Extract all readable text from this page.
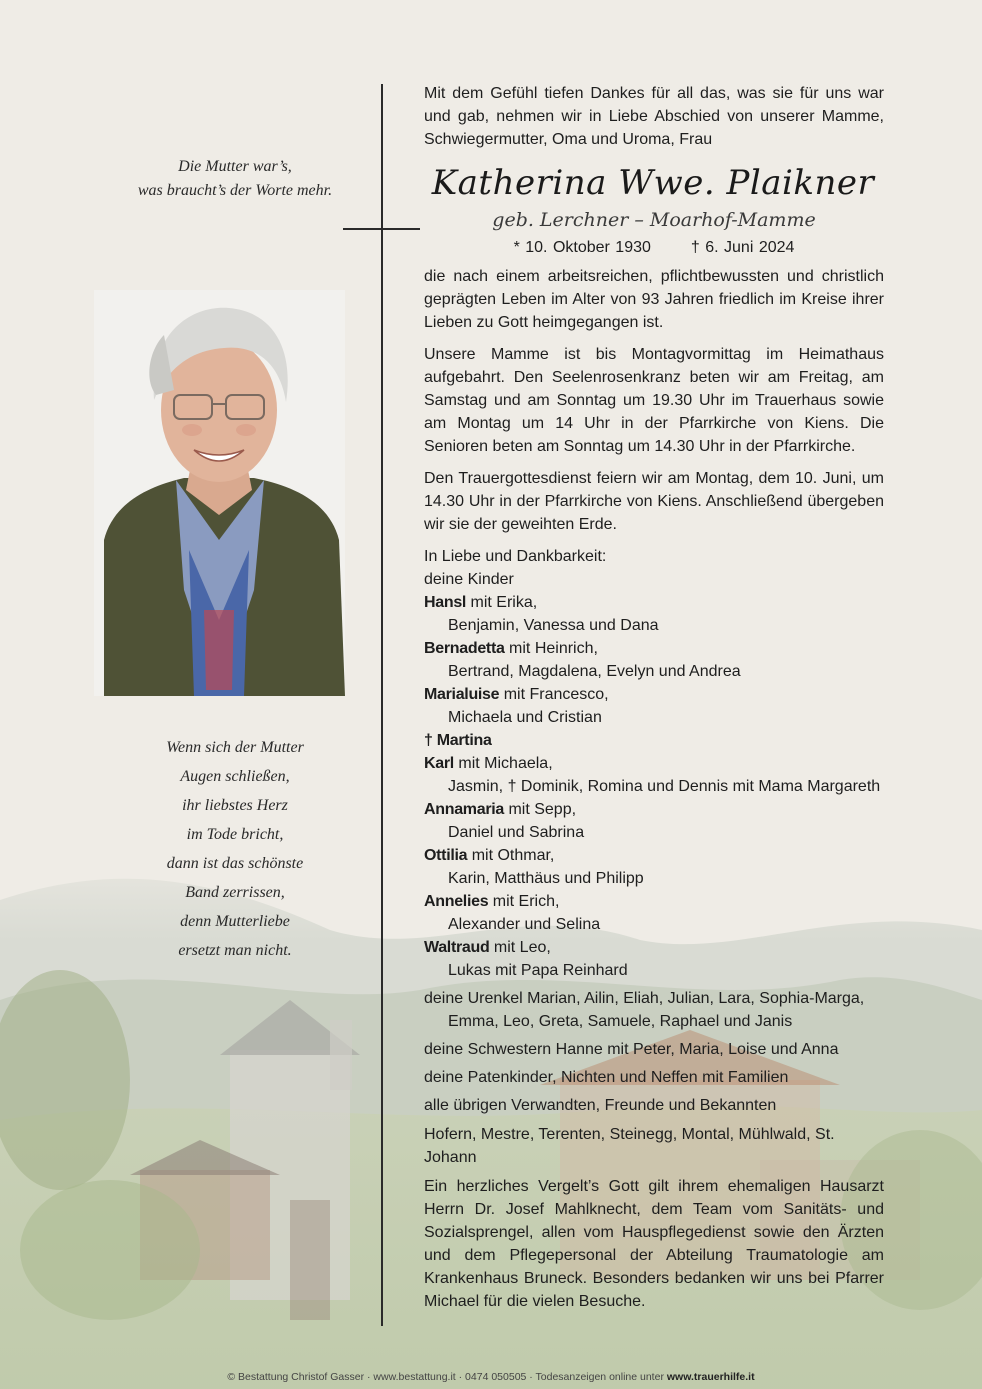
Die Mutter war’s,
was braucht’s der Worte mehr.
Wenn sich der Mutter
Augen schließen,
ihr liebstes Herz
im Tode bricht,
dann ist das schönste
Band zerrissen,
denn Mutterliebe
ersetzt man nicht.

Mit dem Gefühl tiefen Dankes für all das, was sie für uns war und gab, nehmen wir in Liebe Abschied von unserer Mamme, Schwiegermutter, Oma und Uroma, Frau

Katherina Wwe. Plaikner
geb. Lerchner – Moarhof-Mamme
* 10. Oktober 1930	† 6. Juni 2024

die nach einem arbeitsreichen, pflichtbewussten und christlich geprägten Leben im Alter von 93 Jahren friedlich im Kreise ihrer Lieben zu Gott heimgegangen ist.

Unsere Mamme ist bis Montagvormittag im Heimathaus aufgebahrt. Den Seelenrosenkranz beten wir am Freitag, am Samstag und am Sonntag um 19.30 Uhr im Trauerhaus sowie am Montag um 14 Uhr in der Pfarrkirche von Kiens. Die Senioren beten am Sonntag um 14.30 Uhr in der Pfarrkirche.

Den Trauergottesdienst feiern wir am Montag, dem 10. Juni, um 14.30 Uhr in der Pfarrkirche von Kiens. Anschließend übergeben wir sie der geweihten Erde.

In Liebe und Dankbarkeit:

deine Kinder

Hansl mit Erika,

Benjamin, Vanessa und Dana

Bernadetta mit Heinrich,

Bertrand, Magdalena, Evelyn und Andrea

Marialuise mit Francesco,

Michaela und Cristian

† Martina

Karl mit Michaela,

Jasmin, † Dominik, Romina und Dennis mit Mama Margareth

Annamaria mit Sepp,

Daniel und Sabrina

Ottilia mit Othmar,

Karin, Matthäus und Philipp

Annelies mit Erich,

Alexander und Selina

Waltraud mit Leo,

Lukas mit Papa Reinhard

deine Urenkel Marian, Ailin, Eliah, Julian, Lara, Sophia-Marga,

Emma, Leo, Greta, Samuele, Raphael und Janis

deine Schwestern Hanne mit Peter, Maria, Loise und Anna

deine Patenkinder, Nichten und Neffen mit Familien

alle übrigen Verwandten, Freunde und Bekannten

Hofern, Mestre, Terenten, Steinegg, Montal, Mühlwald, St. Johann

Ein herzliches Vergelt’s Gott gilt ihrem ehemaligen Hausarzt Herrn Dr. Josef Mahlknecht, dem Team vom Sanitäts- und Sozialsprengel, allen vom Hauspflegedienst sowie den Ärzten und dem Pflegepersonal der Abteilung Traumatologie am Krankenhaus Bruneck. Besonders bedanken wir uns bei Pfarrer Michael für die vielen Besuche.

© Bestattung Christof Gasser · www.bestattung.it · 0474 050505 · Todesanzeigen online unter www.trauerhilfe.it
